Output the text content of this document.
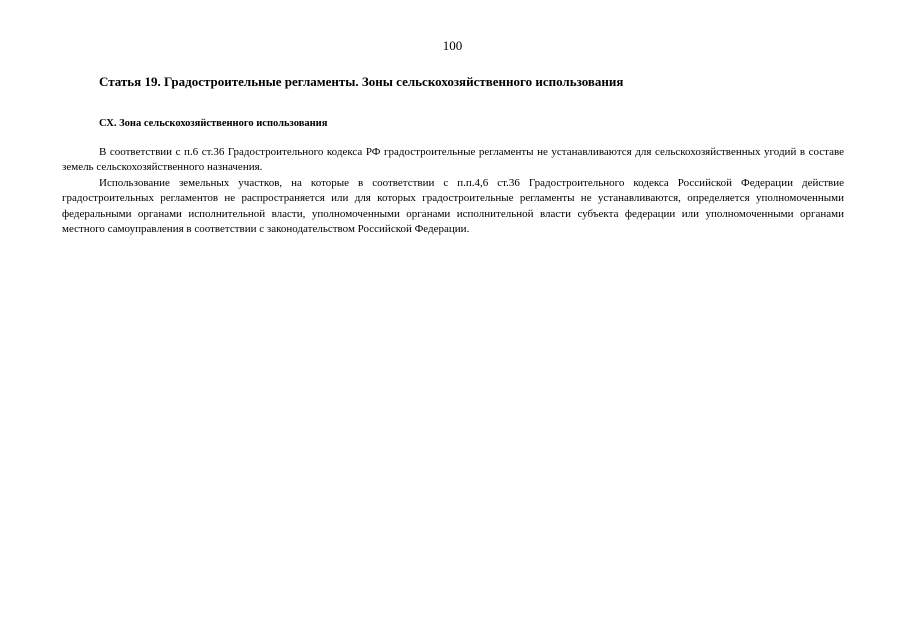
100
Статья 19. Градостроительные регламенты. Зоны сельскохозяйственного использования
СХ. Зона сельскохозяйственного использования

В соответствии с п.6 ст.36 Градостроительного кодекса РФ градостроительные регламенты не устанавливаются для сельскохозяйственных угодий в составе земель сельскохозяйственного назначения.

Использование земельных участков, на которые в соответствии с п.п.4,6 ст.36 Градостроительного кодекса Российской Федерации действие градостроительных регламентов не распространяется или для которых градостроительные регламенты не устанавливаются, определяется уполномоченными федеральными органами исполнительной власти, уполномоченными органами исполнительной власти субъекта федерации или уполномоченными органами местного самоуправления в соответствии с законодательством Российской Федерации.
